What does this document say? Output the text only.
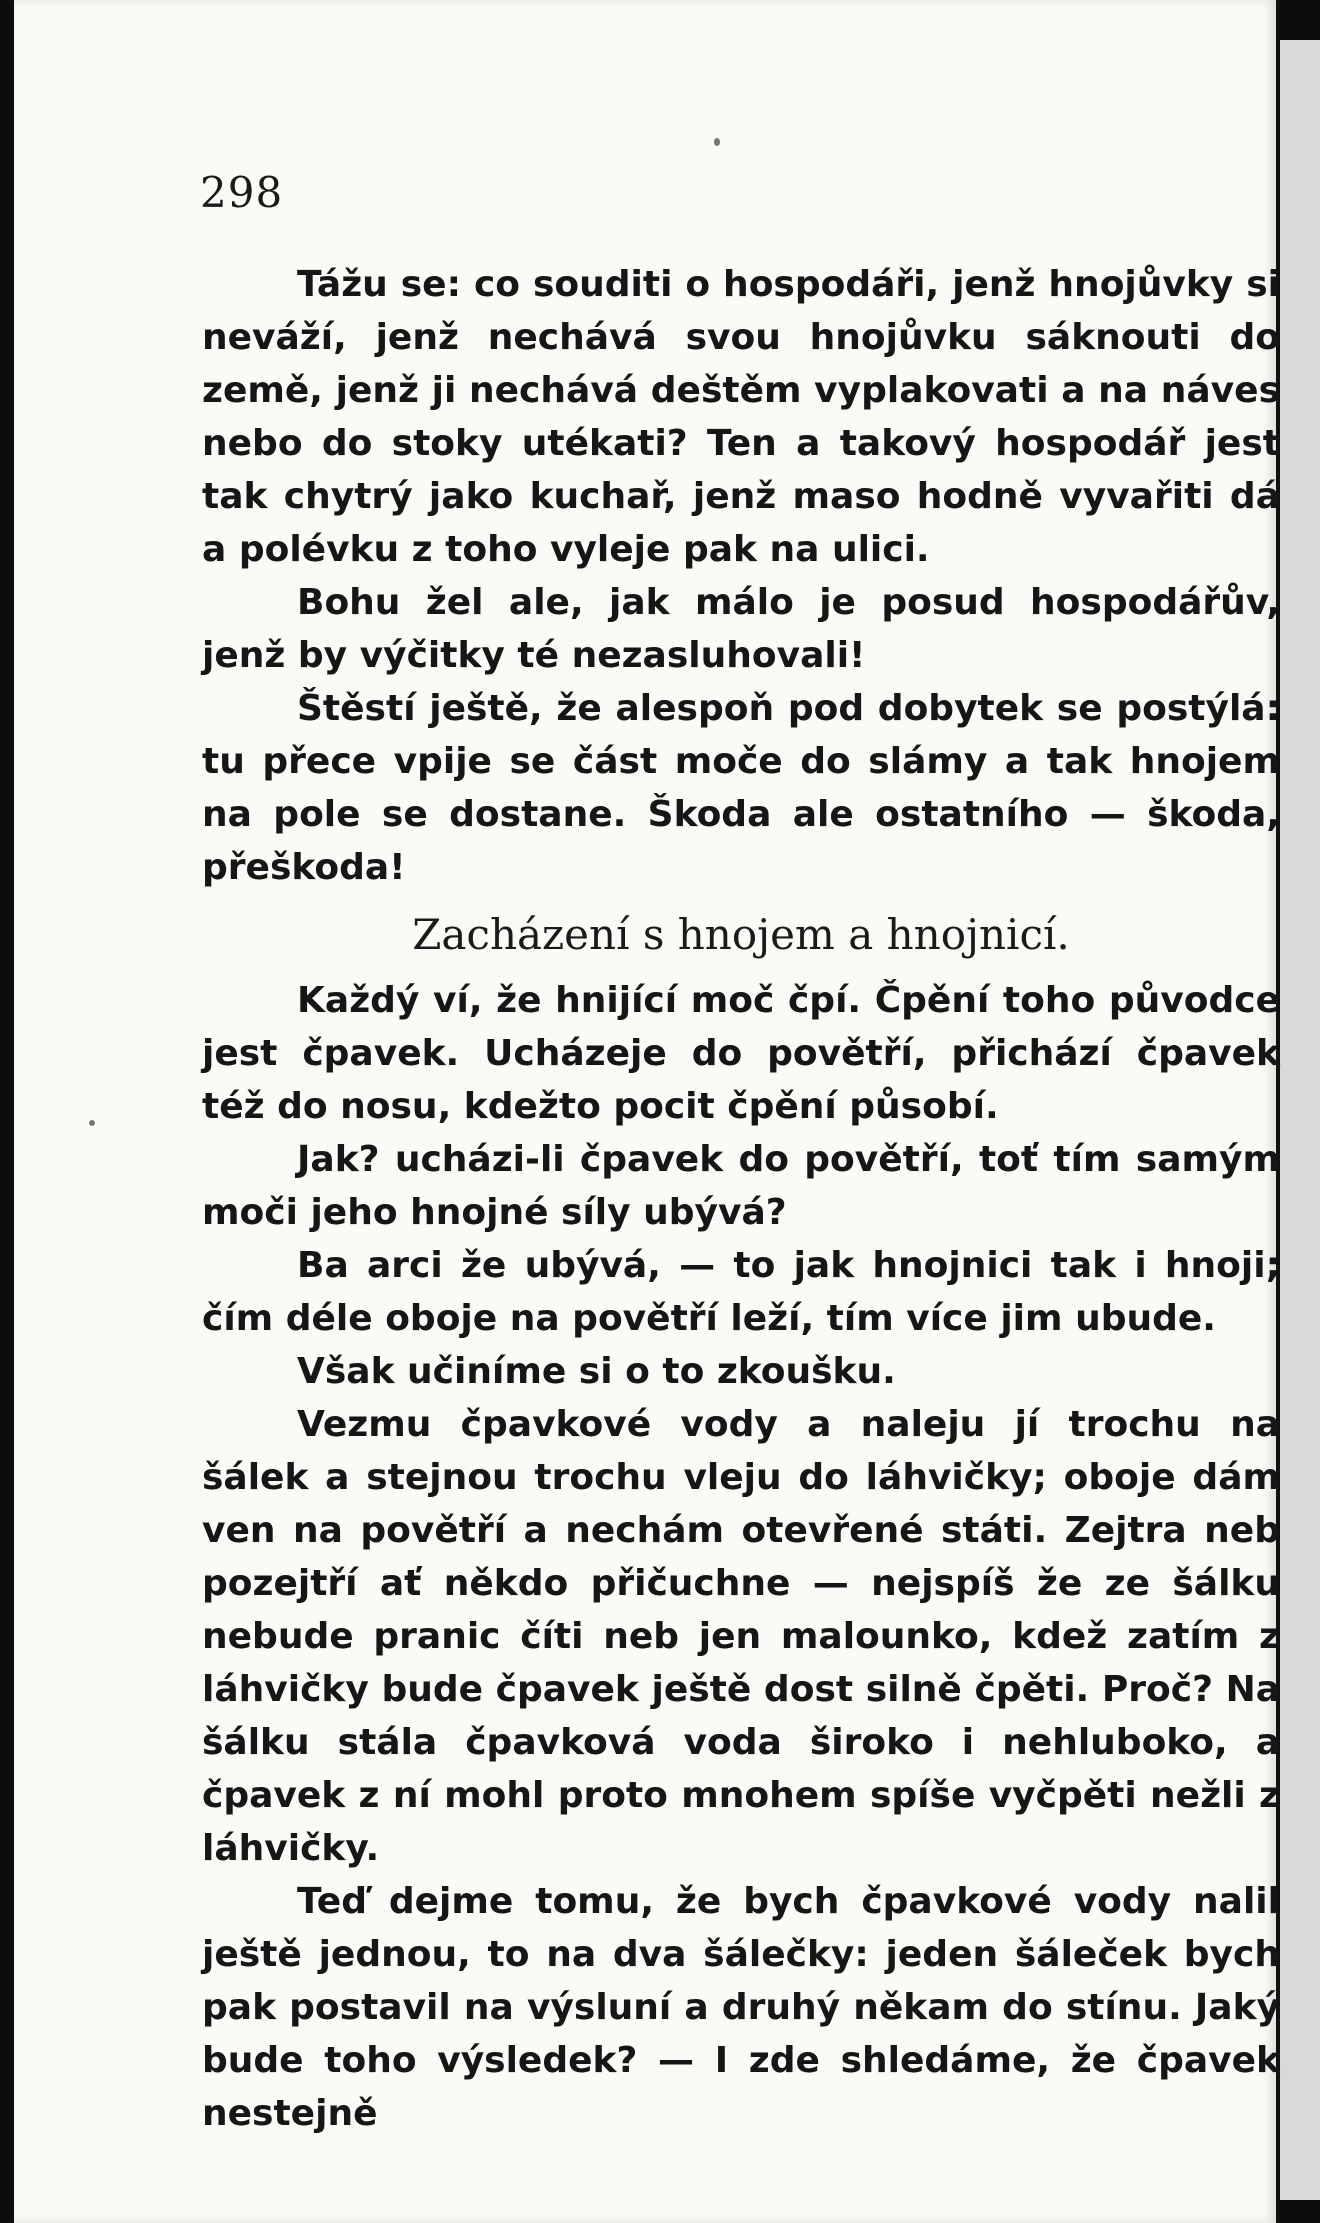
298

Tážu se: co souditi o hospodáři, jenž hnojůvky si neváží, jenž nechává svou hnojůvku sáknouti do země, jenž ji nechává deštěm vyplakovati a na náves nebo do stoky utékati? Ten a takový hospodář jest tak chytrý jako kuchař, jenž maso hodně vyvařiti dá a polévku z toho vyleje pak na ulici.

Bohu žel ale, jak málo je posud hospodářův, jenž by výčitky té nezasluhovali!

Štěstí ještě, že alespoň pod dobytek se postýlá: tu přece vpije se část moče do slámy a tak hnojem na pole se dostane. Škoda ale ostatního — škoda, přeškoda!

Zacházení s hnojem a hnojnicí.

Každý ví, že hnijící moč čpí. Čpění toho původce jest čpavek. Ucházeje do povětří, přichází čpavek též do nosu, kdežto pocit čpění působí.

Jak? ucházi-li čpavek do povětří, toť tím samým moči jeho hnojné síly ubývá?

Ba arci že ubývá, — to jak hnojnici tak i hnoji; čím déle oboje na povětří leží, tím více jim ubude.

Však učiníme si o to zkoušku.

Vezmu čpavkové vody a naleju jí trochu na šálek a stejnou trochu vleju do láhvičky; oboje dám ven na povětří a nechám otevřené státi. Zejtra neb pozejtří ať někdo přičuchne — nejspíš že ze šálku nebude pranic číti neb jen malounko, kdež zatím z láhvičky bude čpavek ještě dost silně čpěti. Proč? Na šálku stála čpavková voda široko i nehluboko, a čpavek z ní mohl proto mnohem spíše vyčpěti nežli z láhvičky.

Teď dejme tomu, že bych čpavkové vody nalil ještě jednou, to na dva šálečky: jeden šáleček bych pak postavil na výsluní a druhý někam do stínu. Jaký bude toho výsledek? — I zde shledáme, že čpavek nestejně
